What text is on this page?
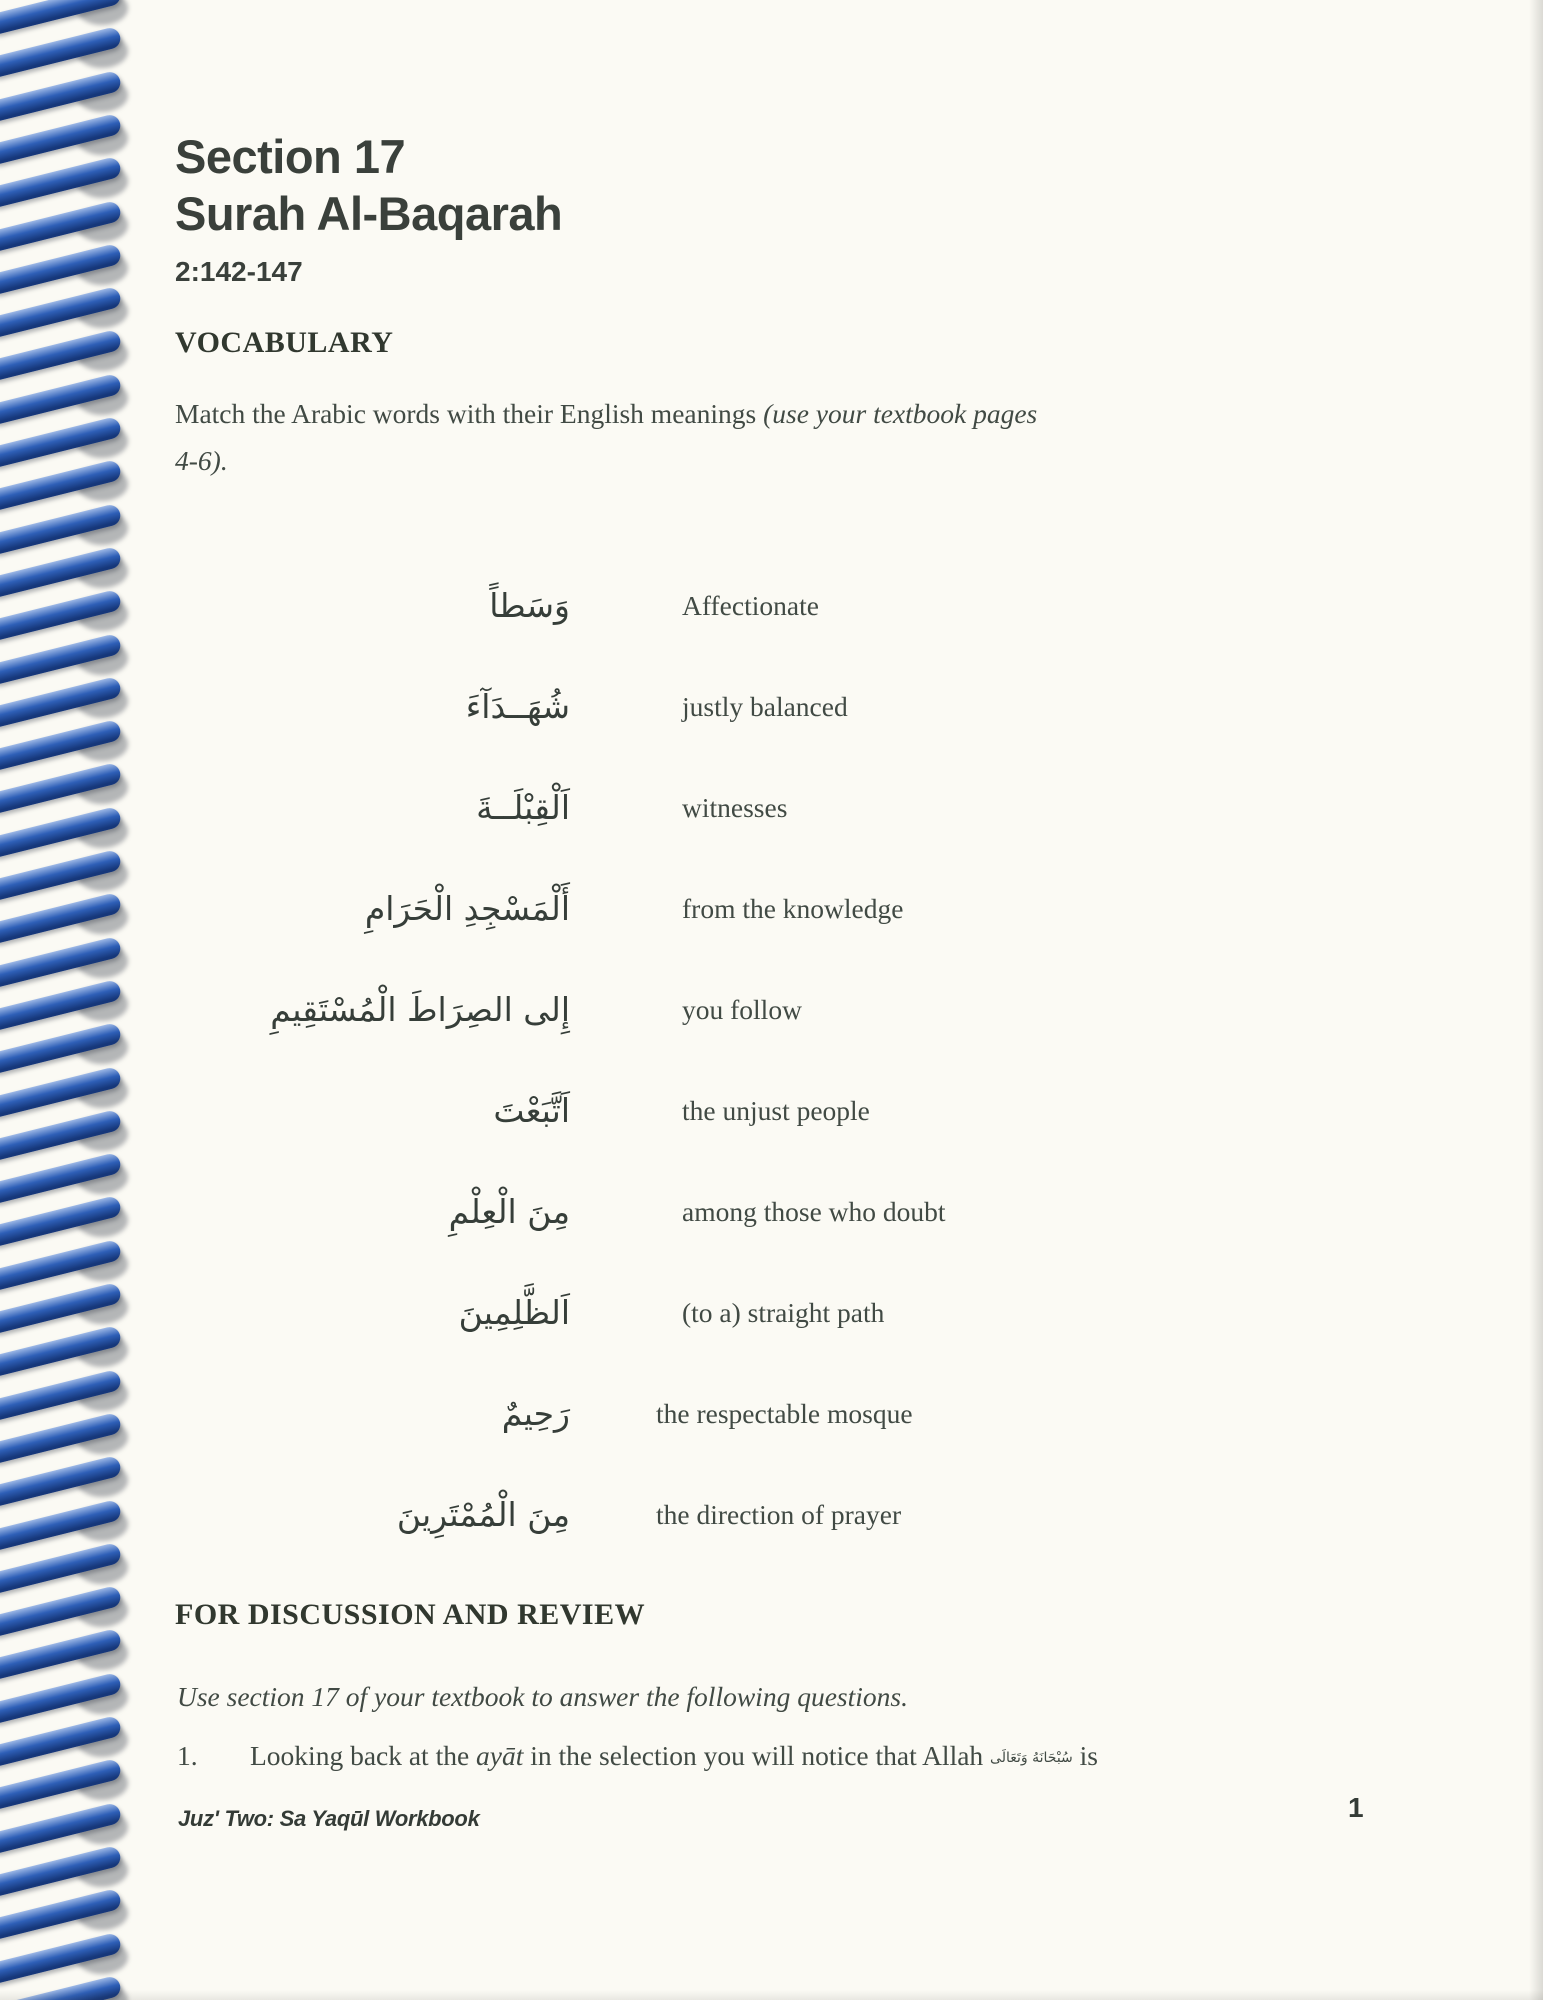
Section 17
Surah Al-Baqarah
2:142-147
VOCABULARY

Match the Arabic words with their English meanings (use your textbook pages
4-6).

وَسَطاً	Affectionate
شُهَــدَآءَ	justly balanced
اَلْقِبْلَــةَ	witnesses
أَلْمَسْجِدِ الْحَرَامِ	from the knowledge
إِلى الصِرَاطَ الْمُسْتَقِيمِ	you follow
اَتَّبَعْتَ	the unjust people
مِنَ الْعِلْمِ	among those who doubt
اَلظَّلِمِينَ	(to a) straight path
رَحِيمٌ	the respectable mosque
مِنَ الْمُمْتَرِينَ	the direction of prayer
FOR DISCUSSION AND REVIEW

Use section 17 of your textbook to answer the following questions.

1.	Looking back at the ayāt in the selection you will notice that Allah سُبْحَانَهُ وَتَعَالَى is
Juz' Two: Sa Yaqūl Workbook	1
